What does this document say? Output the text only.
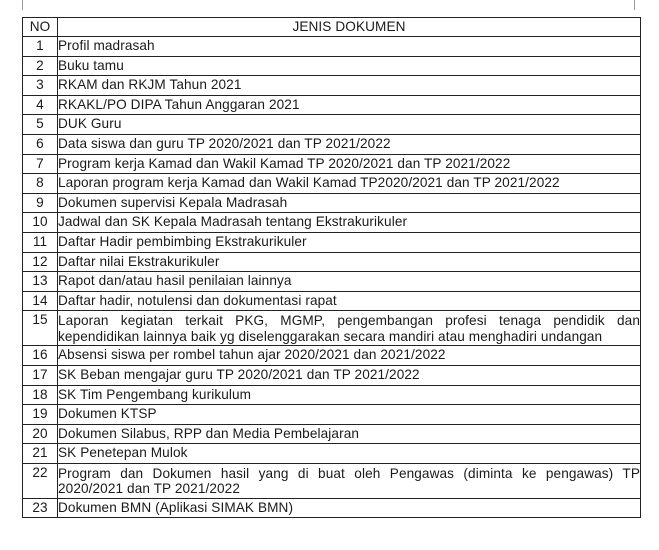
NO	JENIS DOKUMEN
1	Profil madrasah
2	Buku tamu
3	RKAM dan RKJM Tahun 2021
4	RKAKL/PO DIPA Tahun Anggaran 2021
5	DUK Guru
6	Data siswa dan guru TP 2020/2021 dan TP 2021/2022
7	Program kerja Kamad dan Wakil Kamad TP 2020/2021 dan TP 2021/2022
8	Laporan program kerja Kamad dan Wakil Kamad TP2020/2021 dan TP 2021/2022
9	Dokumen supervisi Kepala Madrasah
10	Jadwal dan SK Kepala Madrasah tentang Ekstrakurikuler
11	Daftar Hadir pembimbing Ekstrakurikuler
12	Daftar nilai Ekstrakurikuler
13	Rapot dan/atau hasil penilaian lainnya
14	Daftar hadir, notulensi dan dokumentasi rapat
15	Laporan kegiatan terkait PKG, MGMP, pengembangan profesi tenaga pendidik dan kependidikan lainnya baik yg diselenggarakan secara mandiri atau menghadiri undangan
16	Absensi siswa per rombel tahun ajar 2020/2021 dan 2021/2022
17	SK Beban mengajar guru TP 2020/2021 dan TP 2021/2022
18	SK Tim Pengembang kurikulum
19	Dokumen KTSP
20	Dokumen Silabus, RPP dan Media Pembelajaran
21	SK Penetepan Mulok
22	Program dan Dokumen hasil yang di buat oleh Pengawas (diminta ke pengawas) TP 2020/2021 dan TP 2021/2022
23	Dokumen BMN (Aplikasi SIMAK BMN)
